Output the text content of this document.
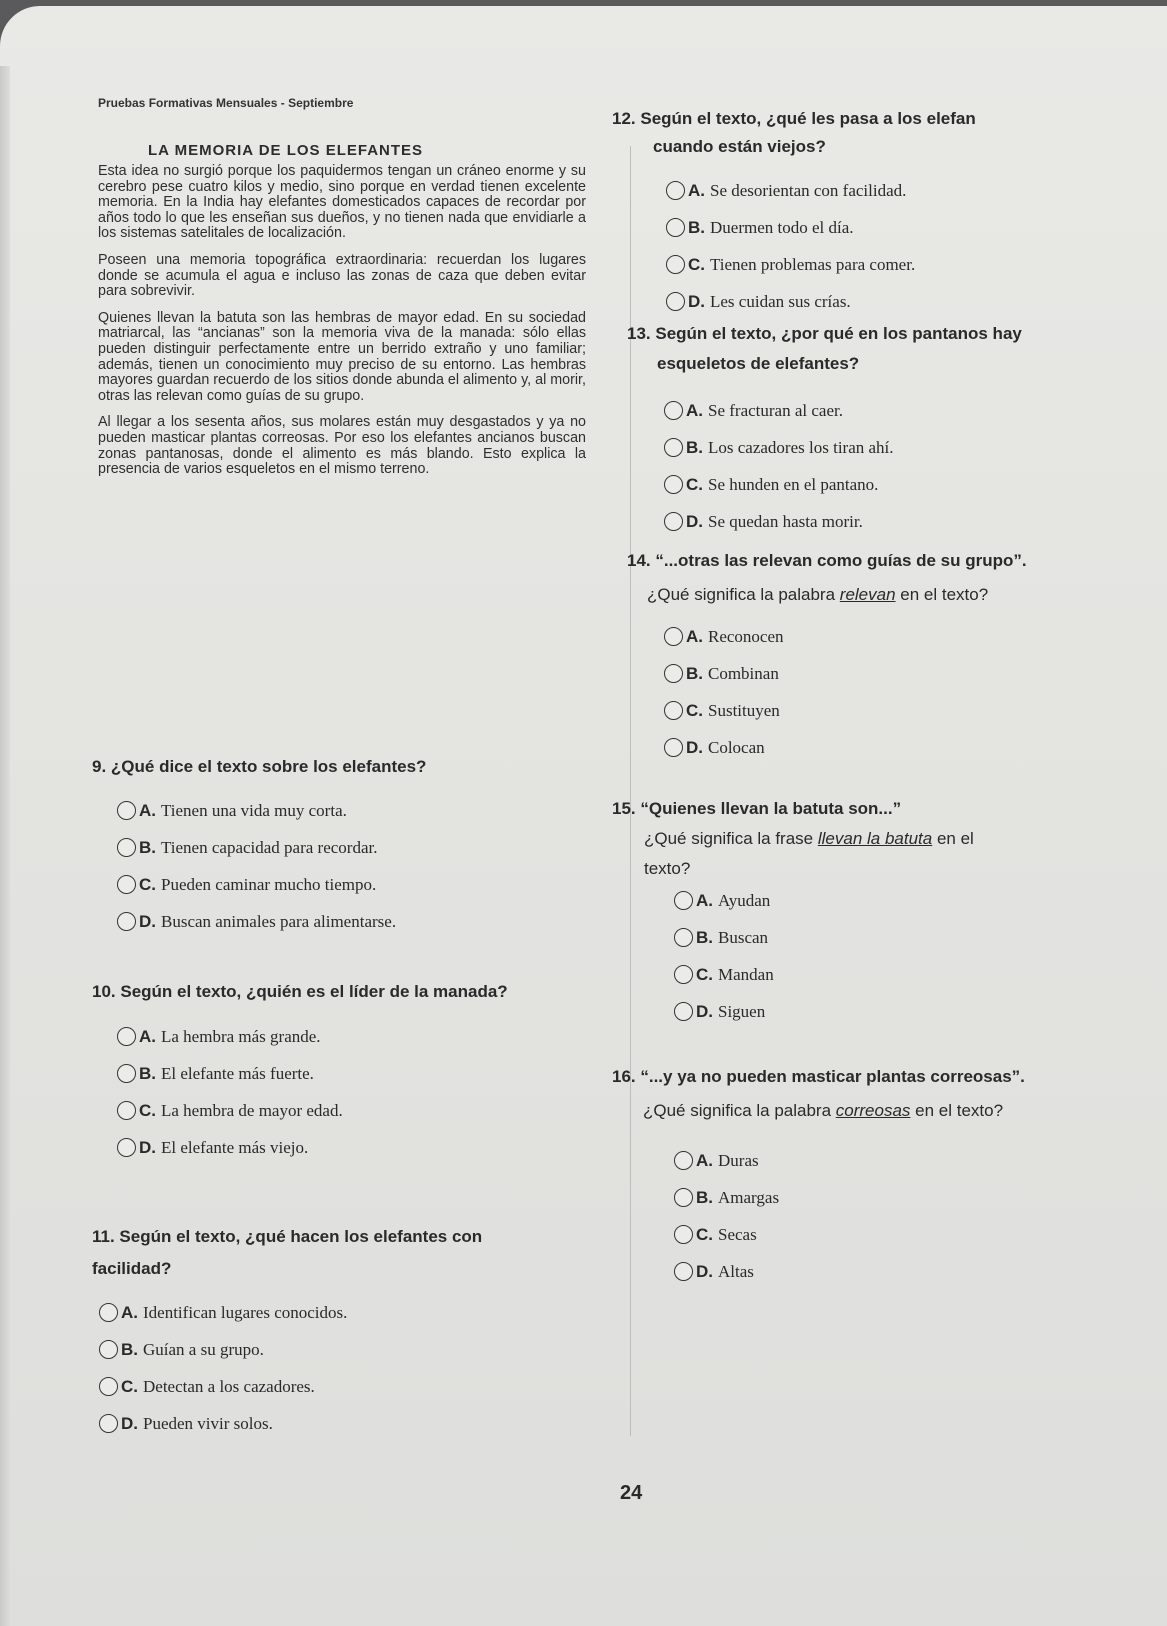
Pruebas Formativas Mensuales - Septiembre
LA MEMORIA DE LOS ELEFANTES

Esta idea no surgió porque los paquidermos tengan un cráneo enorme y su cerebro pese cuatro kilos y medio, sino porque en verdad tienen excelente memoria. En la India hay elefantes domesticados capaces de recordar por años todo lo que les enseñan sus dueños, y no tienen nada que envidiarle a los sistemas satelitales de localización.

Poseen una memoria topográfica extraordinaria: recuerdan los lugares donde se acumula el agua e incluso las zonas de caza que deben evitar para sobrevivir.

Quienes llevan la batuta son las hembras de mayor edad. En su sociedad matriarcal, las “ancianas” son la memoria viva de la manada: sólo ellas pueden distinguir perfectamente entre un berrido extraño y uno familiar; además, tienen un conocimiento muy preciso de su entorno. Las hembras mayores guardan recuerdo de los sitios donde abunda el alimento y, al morir, otras las relevan como guías de su grupo.

Al llegar a los sesenta años, sus molares están muy desgastados y ya no pueden masticar plantas correosas. Por eso los elefantes ancianos buscan zonas pantanosas, donde el alimento es más blando. Esto explica la presencia de varios esqueletos en el mismo terreno.

9. ¿Qué dice el texto sobre los elefantes?
A. Tienen una vida muy corta.
B. Tienen capacidad para recordar.
C. Pueden caminar mucho tiempo.
D. Buscan animales para alimentarse.
10. Según el texto, ¿quién es el líder de la manada?
A. La hembra más grande.
B. El elefante más fuerte.
C. La hembra de mayor edad.
D. El elefante más viejo.
11. Según el texto, ¿qué hacen los elefantes con
facilidad?
A. Identifican lugares conocidos.
B. Guían a su grupo.
C. Detectan a los cazadores.
D. Pueden vivir solos.
12. Según el texto, ¿qué les pasa a los elefan
cuando están viejos?
A. Se desorientan con facilidad.
B. Duermen todo el día.
C. Tienen problemas para comer.
D. Les cuidan sus crías.
13. Según el texto, ¿por qué en los pantanos hay
esqueletos de elefantes?
A. Se fracturan al caer.
B. Los cazadores los tiran ahí.
C. Se hunden en el pantano.
D. Se quedan hasta morir.
14. “...otras las relevan como guías de su grupo”.
¿Qué significa la palabra relevan en el texto?
A. Reconocen
B. Combinan
C. Sustituyen
D. Colocan
15. “Quienes llevan la batuta son...”
¿Qué significa la frase llevan la batuta en el
texto?
A. Ayudan
B. Buscan
C. Mandan
D. Siguen
16. “...y ya no pueden masticar plantas correosas”.
¿Qué significa la palabra correosas en el texto?
A. Duras
B. Amargas
C. Secas
D. Altas
24
